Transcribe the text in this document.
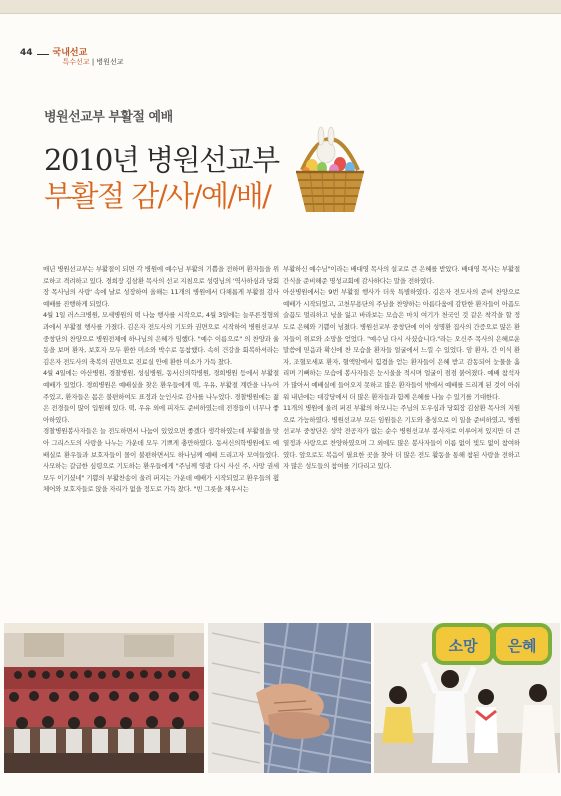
44 국내선교
특수선교 | 병원선교
병원선교부 부활절 예배
2010년 병원선교부
부활절 감/사/예/배/

매년 병원선교부는 부활절이 되면 각 병원에 예수님 부활의 기쁨을 전하며 환자들을 위로하고 격려하고 있다. 경희장 김삼환 목사의 선교 지침으로 성령님의 '역사하심과 당회장 목사님의 사랑' 속에 날로 성장하여 올해는 11개의 병원에서 다채롭게 부활절 감사예배를 진행하게 되었다.

4월 1일 러스크병원, 모세병원의 떡 나눔 행사를 시작으로, 4월 3일에는 늘푸른정형외과에서 부활절 행사를 가졌다. 김은자 전도사의 기도와 권면으로 시작하여 병원선교부 중창단의 찬양으로 병원전체에 하나님의 은혜가 임했다. "예수 이름으로" 의 찬양과 율동을 보며 환자, 보호자 모두 환한 미소와 박수로 동참했다. 속히 건강을 회복하셔라는 김은자 전도사의 축복의 권면으로 진료실 안에 환한 미소가 가득 찼다.

4월 4일에는 아산병원, 경찰병원, 성심병원, 동서신의학병원, 경희병원 등에서 부활절 예배가 있었다. 경희병원은 예배실을 찾은 환우들에게 떡, 우유, 부활절 계란을 나누어 주었고, 환자들은 몸은 불편하여도 표정과 눈인사로 감사를 나누었다. 경찰병원에는 젊은 전경들이 많이 입원해 있다. 떡, 우유 외에 피자도 준비하였는데 전경들이 너무나 좋아하였다.

경찰병원봉사자들은 늘 전도하면서 나눔이 있었으면 좋겠다 생각하였는데 부활절을 맞아 그리스도의 사랑을 나누는 가운데 모두 기쁘게 충만하였다. 동서신의학병원에도 예배실로 환우들과 보호자들이 몰이 불편하면서도 하나님께 예배 드리고자 모여들었다. 사모하는 갈급한 심령으로 기도하는 환우들에게 "주님께 영광 다시 사신 주, 사망 권세 모두 이기셨네" 기쁨의 부활찬송이 울려 퍼지는 가운데 예배가 시작되었고 환우들의 휠체어와 보호자들로 앉을 자리가 없을 정도로 가득 찼다. "빈 그릇을 채우시는

부활하신 예수님"이라는 배대영 목사의 설교로 큰 은혜를 받았다. 배대영 목사는 부활절 간식을 준비해준 명성교회에 감사하다는 말을 전하였다.

아산병원에서는 9번 부활절 행사가 더욱 특별하였다. 김은자 전도사의 준비 찬양으로 예배가 시작되었고, 고천무용단의 주님을 찬양하는 아름다움에 감탄한 환자들이 아픔도 슬픔도 멀리하고 넋을 잃고 바라보는 모습은 마치 여기가 천국인 것 같은 착각을 할 정도로 은혜와 기쁨이 넘쳤다. 병원선교부 중창단에 이어 성명환 집사의 간증으로 많은 환자들이 위로와 소망을 얻었다. "예수님 다시 사셨습니다."라는 오신주 목사의 은혜로운 말씀에 믿음과 확신에 찬 모습을 환자들 얼굴에서 느낄 수 있었다. 암 환자, 간 이식 환자, 조혈모세포 환자, 혈액암에서 힘겹을 얻는 환자들이 은혜 받고 감동되어 눈물을 흘리며 기뻐하는 모습에 봉사자들은 눈시울을 적시며 얼굴이 점점 붉어졌다. 예배 참석자가 많아서 예배실에 들어오지 못하고 많은 환자들이 밖에서 예배를 드리게 된 것이 아쉬워 내년에는 대강당에서 더 많은 환자들과 함께 은혜를 나눌 수 있기를 기대한다.

11개의 병원에 울려 퍼진 부활의 하모니는 주님의 도우심과 당회장 김삼환 목사의 지원으로 가능하였다. 병원선교부 모든 임원들은 기도와 충성으로 이 일을 준비하였고, 병원선교부 중창단은 성악 전공자가 없는 순수 병원선교부 봉사자로 이루어져 있지만 더 큰 열정과 사랑으로 찬양하였으며 그 외에도 많은 봉사자들이 이름 없이 빛도 없이 참여하였다. 앞으로도 복음이 필요한 곳을 찾아 더 많은 전도 활동을 통해 참된 사랑을 전하고자 많은 성도들의 참여를 기다리고 있다.

소망 은혜
